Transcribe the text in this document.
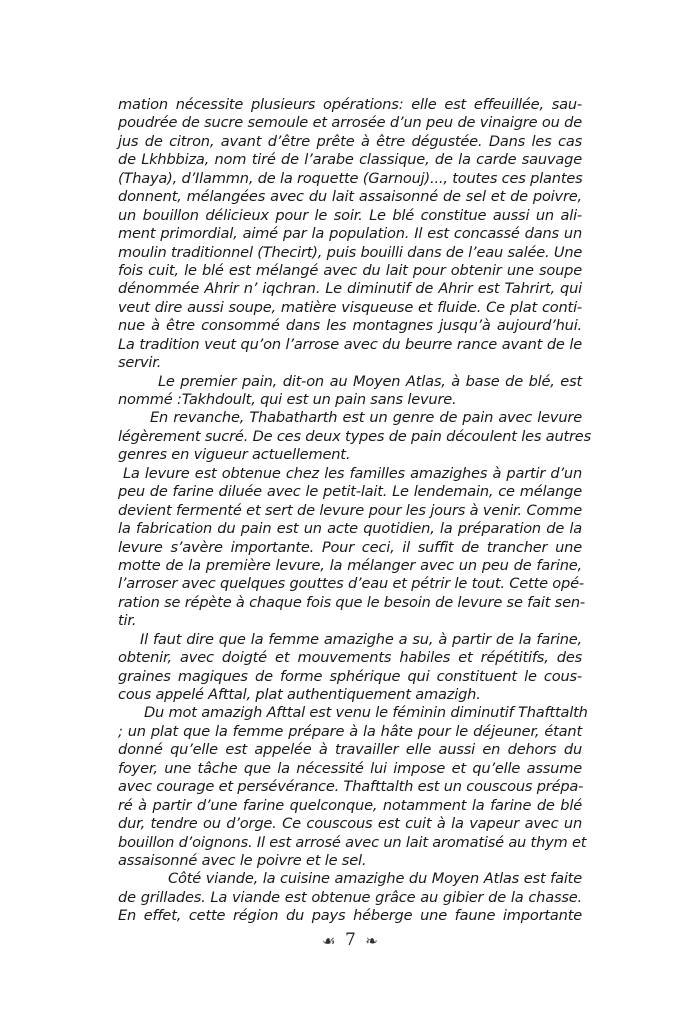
mation nécessite plusieurs opérations: elle est effeuillée, sau-
poudrée de sucre semoule et arrosée d’un peu de vinaigre ou de
jus de citron, avant d’être prête à être dégustée. Dans les cas
de Lkhbbiza, nom tiré de l’arabe classique, de la carde sauvage
(Thaya), d’Ilammn, de la roquette (Garnouj)..., toutes ces plantes
donnent, mélangées avec du lait assaisonné de sel et de poivre,
un bouillon délicieux pour le soir. Le blé constitue aussi un ali-
ment primordial, aimé par la population. Il est concassé dans un
moulin traditionnel (Thecirt), puis bouilli dans de l’eau salée. Une
fois cuit, le blé est mélangé avec du lait pour obtenir une soupe
dénommée Ahrir n’ iqchran. Le diminutif de Ahrir est Tahrirt, qui
veut dire aussi soupe, matière visqueuse et fluide. Ce plat conti-
nue à être consommé dans les montagnes jusqu’à aujourd’hui.
La tradition veut qu’on l’arrose avec du beurre rance avant de le
servir.
Le premier pain, dit-on au Moyen Atlas, à base de blé, est
nommé :Takhdoult, qui est un pain sans levure.
En revanche, Thabatharth est un genre de pain avec levure
légèrement sucré. De ces deux types de pain découlent les autres
genres en vigueur actuellement.
La levure est obtenue chez les familles amazighes à partir d’un
peu de farine diluée avec le petit-lait. Le lendemain, ce mélange
devient fermenté et sert de levure pour les jours à venir. Comme
la fabrication du pain est un acte quotidien, la préparation de la
levure s’avère importante. Pour ceci, il suffit de trancher une
motte de la première levure, la mélanger avec un peu de farine,
l’arroser avec quelques gouttes d’eau et pétrir le tout. Cette opé-
ration se répète à chaque fois que le besoin de levure se fait sen-
tir.
Il faut dire que la femme amazighe a su, à partir de la farine,
obtenir, avec doigté et mouvements habiles et répétitifs, des
graines magiques de forme sphérique qui constituent le cous-
cous appelé Afttal, plat authentiquement amazigh.
Du mot amazigh Afttal est venu le féminin diminutif Thafttalth
; un plat que la femme prépare à la hâte pour le déjeuner, étant
donné qu’elle est appelée à travailler elle aussi en dehors du
foyer, une tâche que la nécessité lui impose et qu’elle assume
avec courage et persévérance. Thafttalth est un couscous prépa-
ré à partir d’une farine quelconque, notamment la farine de blé
dur, tendre ou d’orge. Ce couscous est cuit à la vapeur avec un
bouillon d’oignons. Il est arrosé avec un lait aromatisé au thym et
assaisonné avec le poivre et le sel.
Côté viande, la cuisine amazighe du Moyen Atlas est faite
de grillades. La viande est obtenue grâce au gibier de la chasse.
En effet, cette région du pays héberge une faune importante
☙ 7 ❧
